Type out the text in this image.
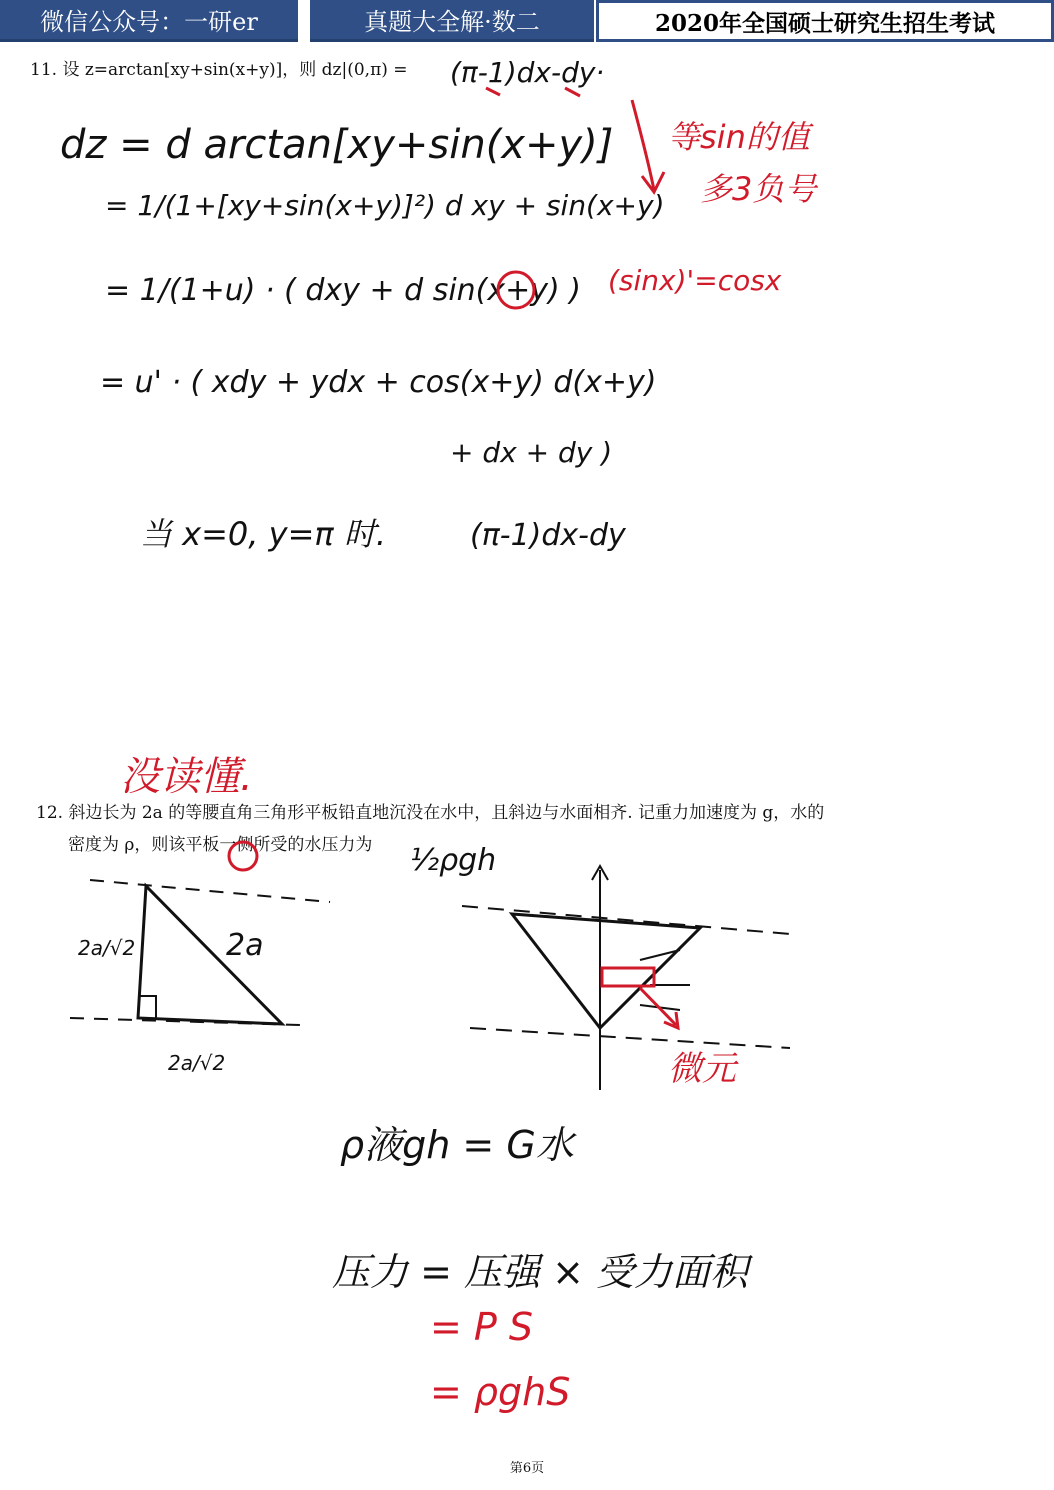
微信公众号：一研er	真题大全解·数二	2020年全国硕士研究生招生考试
11. 设 z=arctan[xy+sin(x+y)]，则 dz|(0,π) =
12. 斜边长为 2a 的等腰直角三角形平板铅直地沉没在水中，且斜边与水面相齐. 记重力加速度为 g，水的
密度为 ρ，则该平板一侧所受的水压力为
(π-1)dx-dy·
dz = d arctan[xy+sin(x+y)]
= 1/(1+[xy+sin(x+y)]²) d xy + sin(x+y)
= 1/(1+u) · ( dxy + d sin(x+y) )
= u' · ( xdy + ydx + cos(x+y) d(x+y)
+ dx + dy )
当 x=0, y=π 时.	(π-1)dx-dy
等sin的值
多3负号
(sinx)'=cosx
没读懂.
½ρgh
2a/√2	2a
2a/√2	微元
ρ液gh = G水
压力 = 压强 × 受力面积
= P S
= ρghS
第6页
